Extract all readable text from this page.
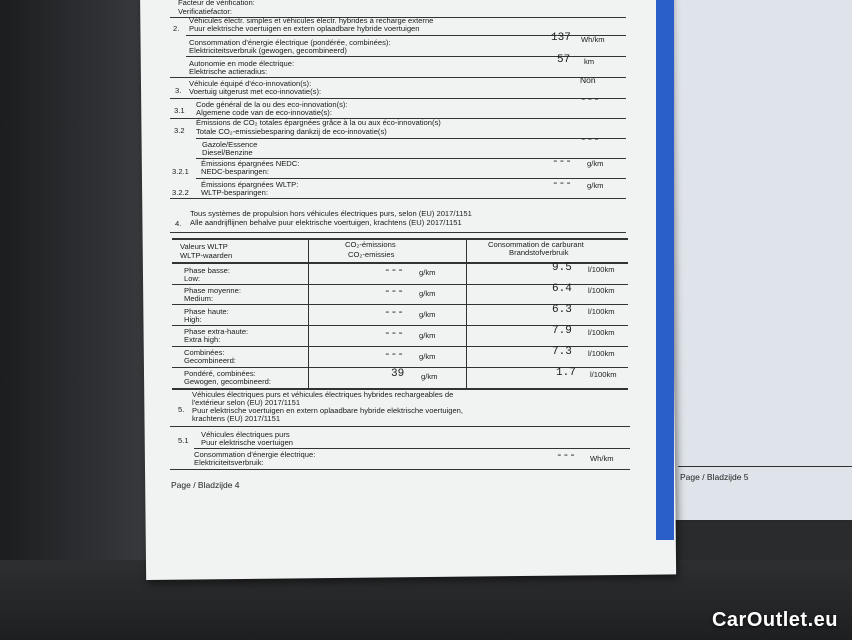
Page / Bladzijde 5
Facteur de vérification:
Verificatiefactor:
2.
Véhicules électr. simples et véhicules électr. hybrides à recharge externe
Puur elektrische voertuigen en extern oplaadbare hybride voertuigen
Consommation d'énergie électrique (pondérée, combinées):
Elektriciteitsverbruik (gewogen, gecombineerd)
137 Wh/km
Autonomie en mode électrique:
Elektrische actieradius:
57 km
3.
Véhicule équipé d'éco-innovation(s):
Voertuig uitgerust met eco-innovatie(s):
Non
3.1
Code général de la ou des eco-innovation(s):
Algemene code van de eco-innovatie(s):
---
3.2
Émissions de CO₂ totales épargnées grâce à la ou aux éco-innovation(s)
Totale CO₂-emissiebesparing dankzij de eco-innovatie(s)
Gazole/Essence
Diesel/Benzine
---
3.2.1
Émissions épargnées NEDC:
NEDC-besparingen:
--- g/km
3.2.2
Émissions épargnées WLTP:
WLTP-besparingen:
--- g/km
4.
Tous systèmes de propulsion hors véhicules électriques purs, selon (EU) 2017/1151
Alle aandrijflijnen behalve puur elektrische voertuigen, krachtens (EU) 2017/1151
Valeurs WLTP
WLTP-waarden
CO₂-émissions
CO₂-emissies
Consommation de carburant
Brandstofverbruik
Phase basse:
Low:
--- g/km	9.5 l/100km
Phase moyenne:
Medium:
--- g/km	6.4 l/100km
Phase haute:
High:
--- g/km	6.3 l/100km
Phase extra-haute:
Extra high:	--- g/km	7.9 l/100km
Combinées:
Gecombineerd:	--- g/km	7.3 l/100km
Pondéré, combinées:
Gewogen, gecombineerd:
39 g/km	1.7 l/100km
5.
Véhicules électriques purs et véhicules électriques hybrides rechargeables de
l'extérieur selon (EU) 2017/1151
Puur elektrische voertuigen en extern oplaadbare hybride elektrische voertuigen,
krachtens (EU) 2017/1151
5.1
Véhicules électriques purs
Puur elektrische voertuigen
Consommation d'énergie électrique:
Elektriciteitsverbruik:
--- Wh/km
Page / Bladzijde 4
CarOutlet.eu
